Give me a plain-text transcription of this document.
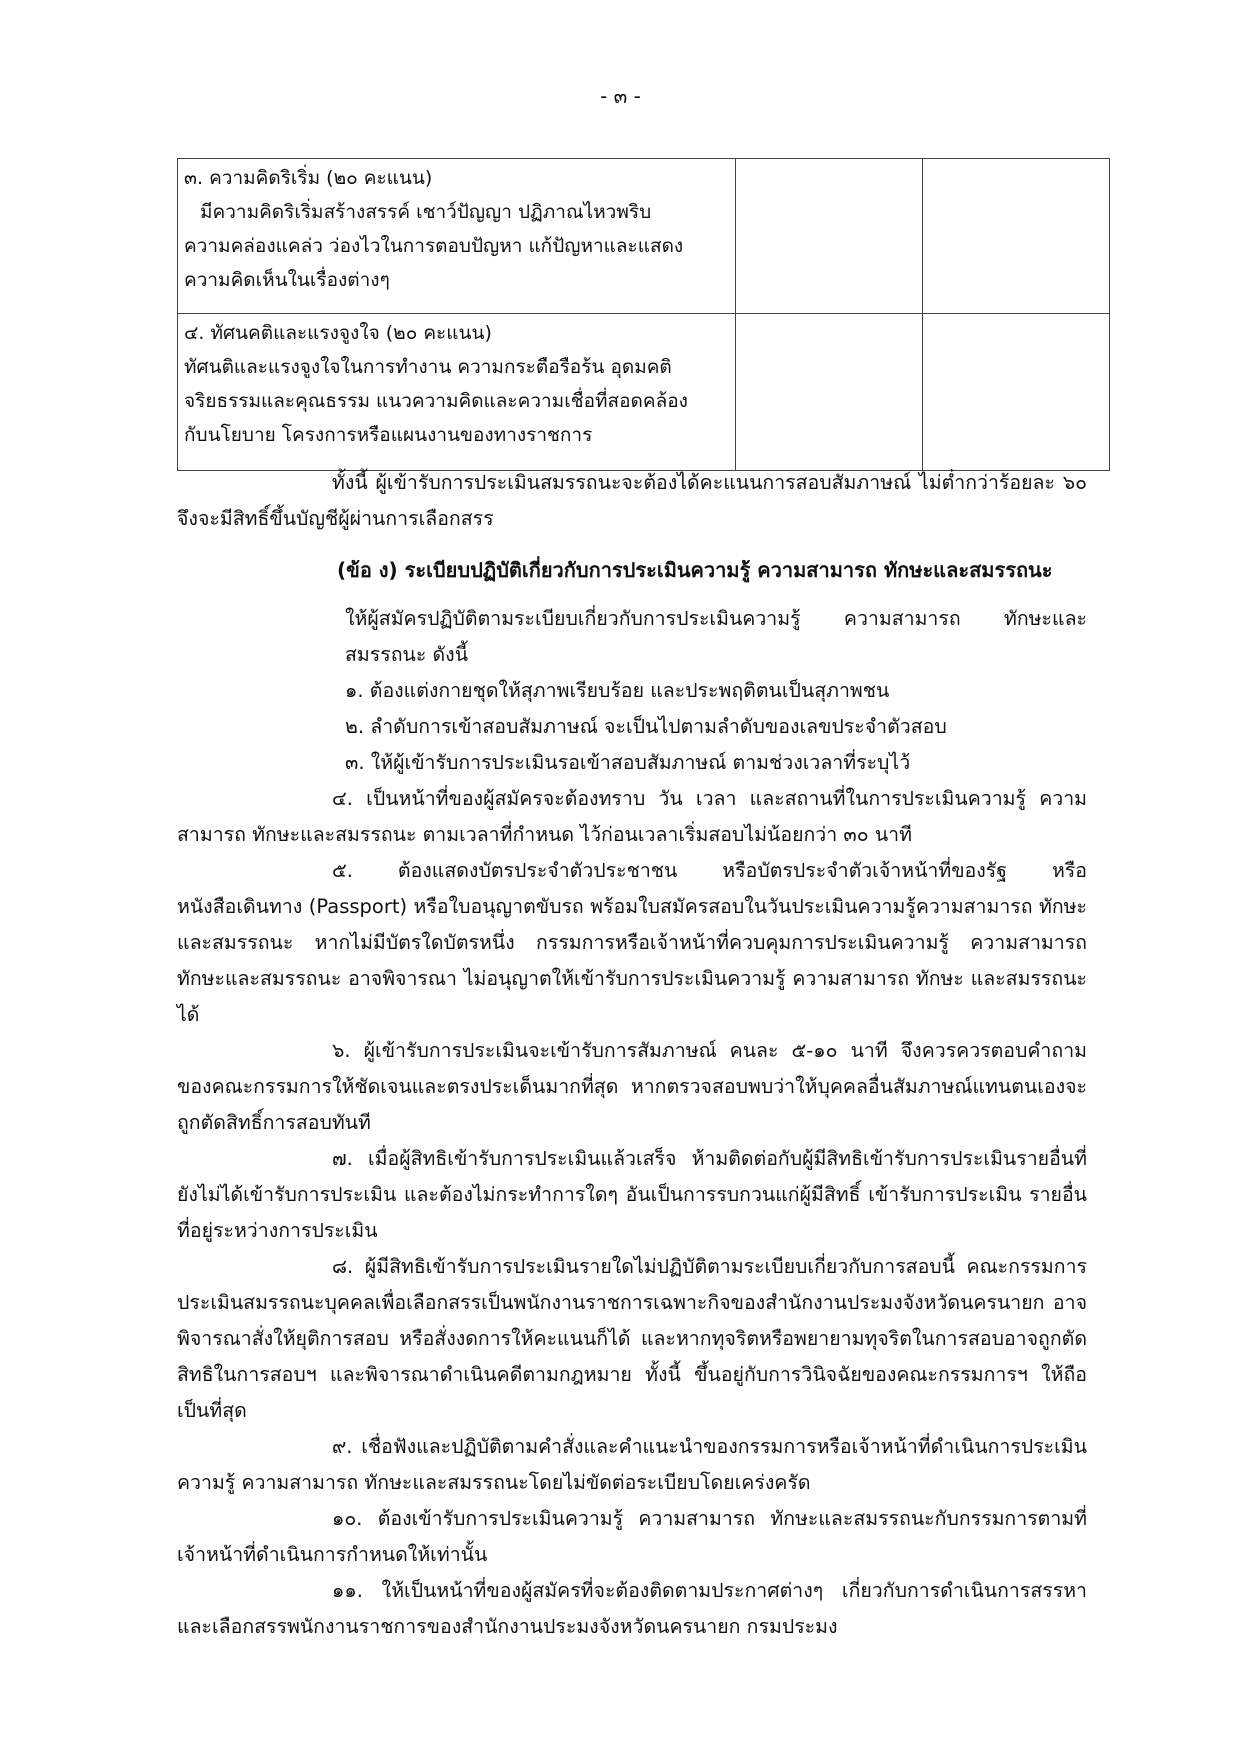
- ๓ -
๓. ความคิดริเริ่ม (๒๐ คะแนน)
มีความคิดริเริ่มสร้างสรรค์ เชาว์ปัญญา ปฏิภาณไหวพริบ
ความคล่องแคล่ว ว่องไวในการตอบปัญหา แก้ปัญหาและแสดง
ความคิดเห็นในเรื่องต่างๆ		

๔. ทัศนคติและแรงจูงใจ (๒๐ คะแนน)
ทัศนติและแรงจูงใจในการทำงาน ความกระตือรือร้น อุดมคติ
จริยธรรมและคุณธรรม แนวความคิดและความเชื่อที่สอดคล้อง
กับนโยบาย โครงการหรือแผนงานของทางราชการ		

ทั้งนี้ ผู้เข้ารับการประเมินสมรรถนะจะต้องได้คะแนนการสอบสัมภาษณ์ ไม่ต่ำกว่าร้อยละ ๖๐ จึงจะมีสิทธิ์ขึ้นบัญชีผู้ผ่านการเลือกสรร

(ข้อ ง) ระเบียบปฏิบัติเกี่ยวกับการประเมินความรู้ ความสามารถ ทักษะและสมรรถนะ

ให้ผู้สมัครปฏิบัติตามระเบียบเกี่ยวกับการประเมินความรู้ ความสามารถ ทักษะและสมรรถนะ ดังนี้

๑. ต้องแต่งกายชุดให้สุภาพเรียบร้อย และประพฤติตนเป็นสุภาพชน

๒. ลำดับการเข้าสอบสัมภาษณ์ จะเป็นไปตามลำดับของเลขประจำตัวสอบ

๓. ให้ผู้เข้ารับการประเมินรอเข้าสอบสัมภาษณ์ ตามช่วงเวลาที่ระบุไว้

๔. เป็นหน้าที่ของผู้สมัครจะต้องทราบ วัน เวลา และสถานที่ในการประเมินความรู้ ความสามารถ ทักษะและสมรรถนะ ตามเวลาที่กำหนด ไว้ก่อนเวลาเริ่มสอบไม่น้อยกว่า ๓๐ นาที

๕. ต้องแสดงบัตรประจำตัวประชาชน หรือบัตรประจำตัวเจ้าหน้าที่ของรัฐ หรือหนังสือเดินทาง (Passport) หรือใบอนุญาตขับรถ พร้อมใบสมัครสอบในวันประเมินความรู้ความสามารถ ทักษะ และสมรรถนะ หากไม่มีบัตรใดบัตรหนึ่ง กรรมการหรือเจ้าหน้าที่ควบคุมการประเมินความรู้ ความสามารถ ทักษะและสมรรถนะ อาจพิจารณา ไม่อนุญาตให้เข้ารับการประเมินความรู้ ความสามารถ ทักษะ และสมรรถนะได้

๖. ผู้เข้ารับการประเมินจะเข้ารับการสัมภาษณ์ คนละ ๕-๑๐ นาที จึงควรควรตอบคำถามของคณะกรรมการให้ชัดเจนและตรงประเด็นมากที่สุด หากตรวจสอบพบว่าให้บุคคลอื่นสัมภาษณ์แทนตนเองจะถูกตัดสิทธิ์การสอบทันที

๗. เมื่อผู้สิทธิเข้ารับการประเมินแล้วเสร็จ ห้ามติดต่อกับผู้มีสิทธิเข้ารับการประเมินรายอื่นที่ยังไม่ได้เข้ารับการประเมิน และต้องไม่กระทำการใดๆ อันเป็นการรบกวนแก่ผู้มีสิทธิ์ เข้ารับการประเมิน รายอื่นที่อยู่ระหว่างการประเมิน

๘. ผู้มีสิทธิเข้ารับการประเมินรายใดไม่ปฏิบัติตามระเบียบเกี่ยวกับการสอบนี้ คณะกรรมการประเมินสมรรถนะบุคคลเพื่อเลือกสรรเป็นพนักงานราชการเฉพาะกิจของสำนักงานประมงจังหวัดนครนายก อาจพิจารณาสั่งให้ยุติการสอบ หรือสั่งงดการให้คะแนนก็ได้ และหากทุจริตหรือพยายามทุจริตในการสอบอาจถูกตัดสิทธิในการสอบฯ และพิจารณาดำเนินคดีตามกฎหมาย ทั้งนี้ ขึ้นอยู่กับการวินิจฉัยของคณะกรรมการฯ ให้ถือเป็นที่สุด

๙. เชื่อฟังและปฏิบัติตามคำสั่งและคำแนะนำของกรรมการหรือเจ้าหน้าที่ดำเนินการประเมิน ความรู้ ความสามารถ ทักษะและสมรรถนะโดยไม่ขัดต่อระเบียบโดยเคร่งครัด

๑๐. ต้องเข้ารับการประเมินความรู้ ความสามารถ ทักษะและสมรรถนะกับกรรมการตามที่เจ้าหน้าที่ดำเนินการกำหนดให้เท่านั้น

๑๑. ให้เป็นหน้าที่ของผู้สมัครที่จะต้องติดตามประกาศต่างๆ เกี่ยวกับการดำเนินการสรรหาและเลือกสรรพนักงานราชการของสำนักงานประมงจังหวัดนครนายก กรมประมง
